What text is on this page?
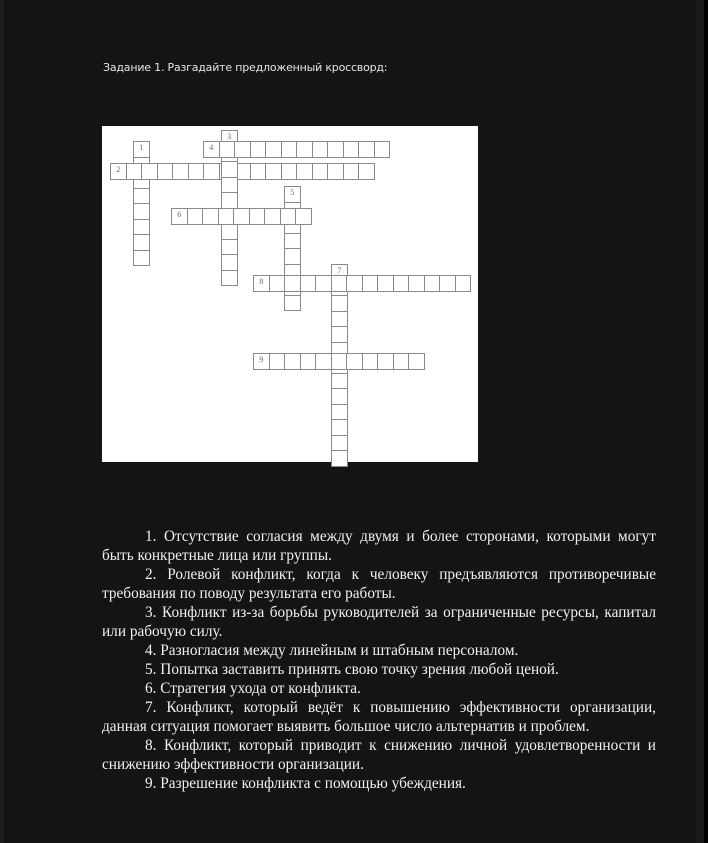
Задание 1. Разгадайте предложенный кроссворд:
1
2
3
4
5
6
7
8
9

1. Отсутствие согласия между двумя и более сторонами, которыми могут быть конкретные лица или группы.

2. Ролевой конфликт, когда к человеку предъявляются противоречивые требования по поводу результата его работы.

3. Конфликт из-за борьбы руководителей за ограниченные ресурсы, капитал или рабочую силу.

4. Разногласия между линейным и штабным персоналом.

5. Попытка заставить принять свою точку зрения любой ценой.

6. Стратегия ухода от конфликта.

7. Конфликт, который ведёт к повышению эффективности организации, данная ситуация помогает выявить большое число альтернатив и проблем.

8. Конфликт, который приводит к снижению личной удовлетворенности и снижению эффективности организации.

9. Разрешение конфликта с помощью убеждения.
